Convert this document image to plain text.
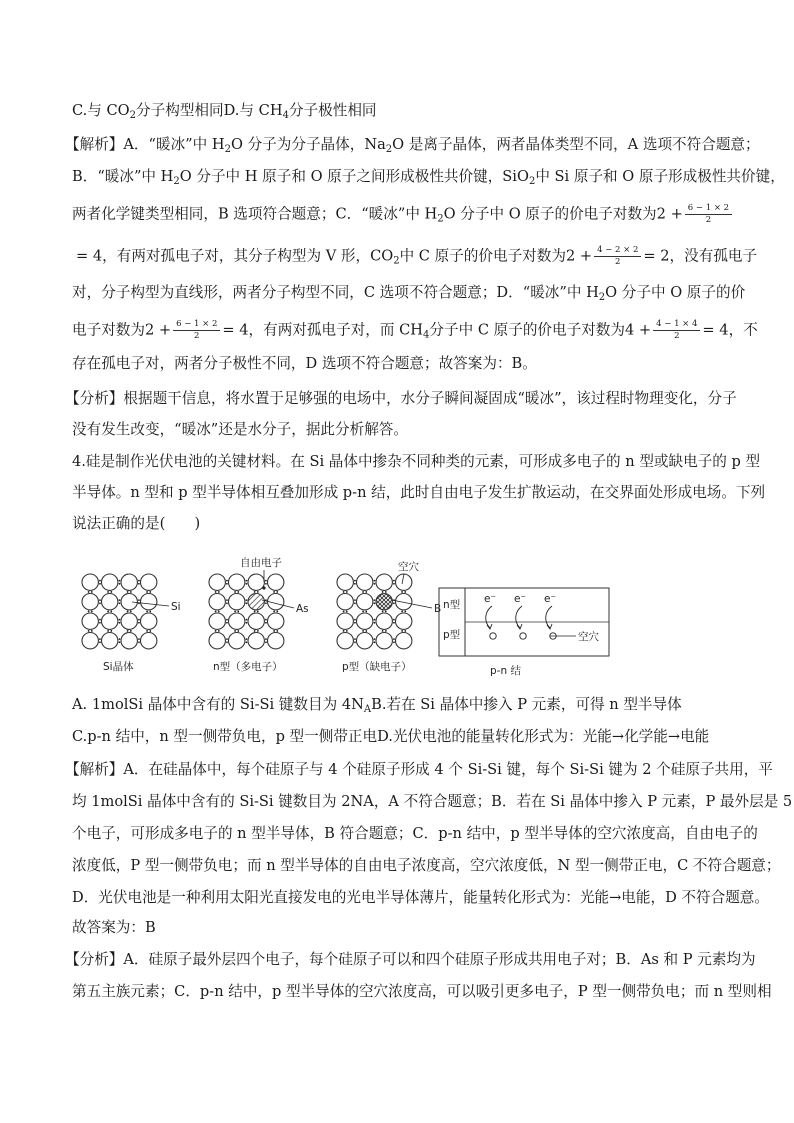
C.与 $CO_2$分子构型相同D.与 $CH_4$分子极性相同
【解析】A．“暖冰”中 $H_2O$ 分子为分子晶体，$Na_2O$ 是离子晶体，两者晶体类型不同，A 选项不符合题意；
B．“暖冰”中 $H_2O$ 分子中 H 原子和 O 原子之间形成极性共价键，SiO$_2$中 Si 原子和 O 原子形成极性共价键，
两者化学键类型相同，B 选项符合题意；C．“暖冰”中 $H_2O$ 分子中 O 原子的价电子对数为$2 + \frac{6 - 1 \times 2}{2}$
= 4，有两对孤电子对，其分子构型为 V 形，$CO_2$中 C 原子的价电子对数为$2 + \frac{4 - 2 \times 2}{2} = 2$，没有孤电子
对，分子构型为直线形，两者分子构型不同，C 选项不符合题意；D．“暖冰”中 $H_2O$ 分子中 O 原子的价
电子对数为$2 + \frac{6 - 1 \times 2}{2} = 4$，有两对孤电子对，而 $CH_4$分子中 C 原子的价电子对数为$4 + \frac{4 - 1 \times 4}{2} = 4$，不
存在孤电子对，两者分子极性不同，D 选项不符合题意；故答案为：B。
【分析】根据题干信息，将水置于足够强的电场中，水分子瞬间凝固成“暖冰”，该过程时物理变化，分子
没有发生改变，“暖冰”还是水分子，据此分析解答。
4.硅是制作光伏电池的关键材料。在 Si 晶体中掺杂不同种类的元素，可形成多电子的 n 型或缺电子的 p 型
半导体。n 型和 p 型半导体相互叠加形成 p-n 结，此时自由电子发生扩散运动，在交界面处形成电场。下列
说法正确的是(　　)
Si
自由电子
As
空穴
B n型
p型
e⁻ e⁻ e⁻
空穴
Si晶体	n型（多电子）	p型（缺电子）	p-n 结
A. 1molSi 晶体中含有的 Si-Si 键数目为 $4N_AB$.若在 Si 晶体中掺入 P 元素，可得 n 型半导体
C.p-n 结中，n 型一侧带负电，p 型一侧带正电D.光伏电池的能量转化形式为：光能→化学能→电能
【解析】A．在硅晶体中，每个硅原子与 4 个硅原子形成 4 个 Si-Si 键，每个 Si-Si 键为 2 个硅原子共用，平
均 1molSi 晶体中含有的 Si-Si 键数目为 2NA，A 不符合题意；B．若在 Si 晶体中掺入 P 元素，P 最外层是 5
个电子，可形成多电子的 n 型半导体，B 符合题意；C．p-n 结中，p 型半导体的空穴浓度高，自由电子的
浓度低，P 型一侧带负电；而 n 型半导体的自由电子浓度高，空穴浓度低，N 型一侧带正电，C 不符合题意；
D．光伏电池是一种利用太阳光直接发电的光电半导体薄片，能量转化形式为：光能→电能，D 不符合题意。
故答案为：B
【分析】A．硅原子最外层四个电子，每个硅原子可以和四个硅原子形成共用电子对；B．As 和 P 元素均为
第五主族元素；C．p-n 结中，p 型半导体的空穴浓度高，可以吸引更多电子，P 型一侧带负电；而 n 型则相
